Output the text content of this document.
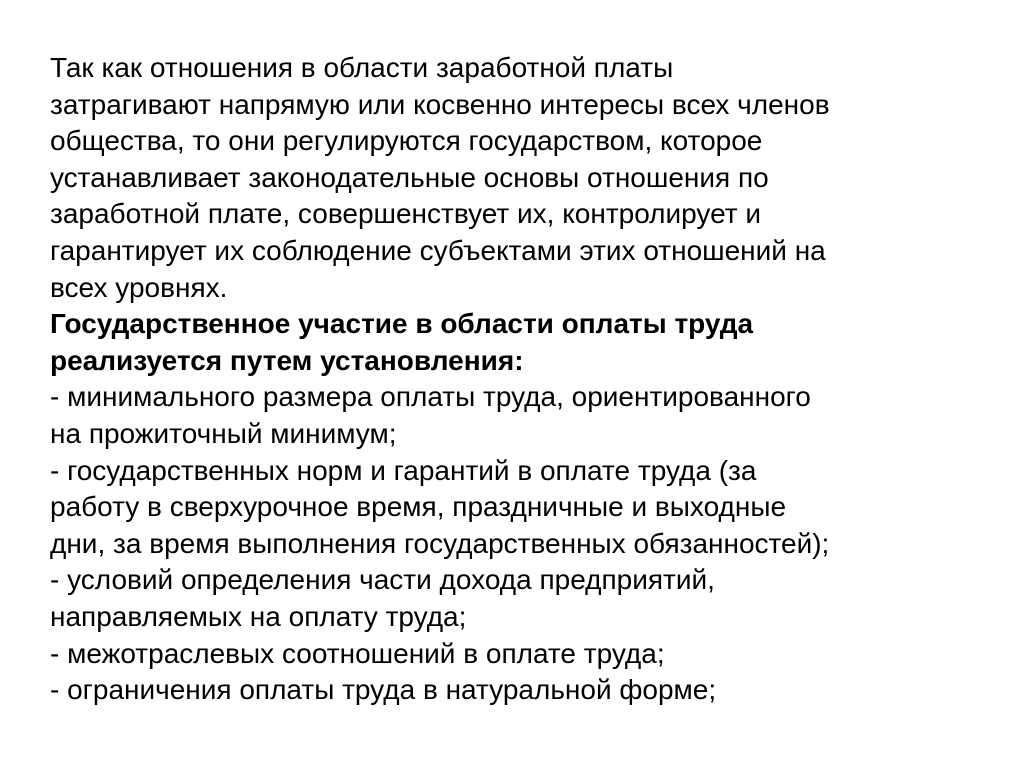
Так как отношения в области заработной платы
затрагивают напрямую или косвенно интересы всех членов
общества, то они регулируются государством, которое
устанавливает законодательные основы отношения по
заработной плате, совершенствует их, контролирует и
гарантирует их соблюдение субъектами этих отношений на
всех уровнях.
Государственное участие в области оплаты труда
реализуется путем установления:
- минимального размера оплаты труда, ориентированного
на прожиточный минимум;
- государственных норм и гарантий в оплате труда (за
работу в сверхурочное время, праздничные и выходные
дни, за время выполнения государственных обязанностей);
- условий определения части дохода предприятий,
направляемых на оплату труда;
- межотраслевых соотношений в оплате труда;
- ограничения оплаты труда в натуральной форме;
